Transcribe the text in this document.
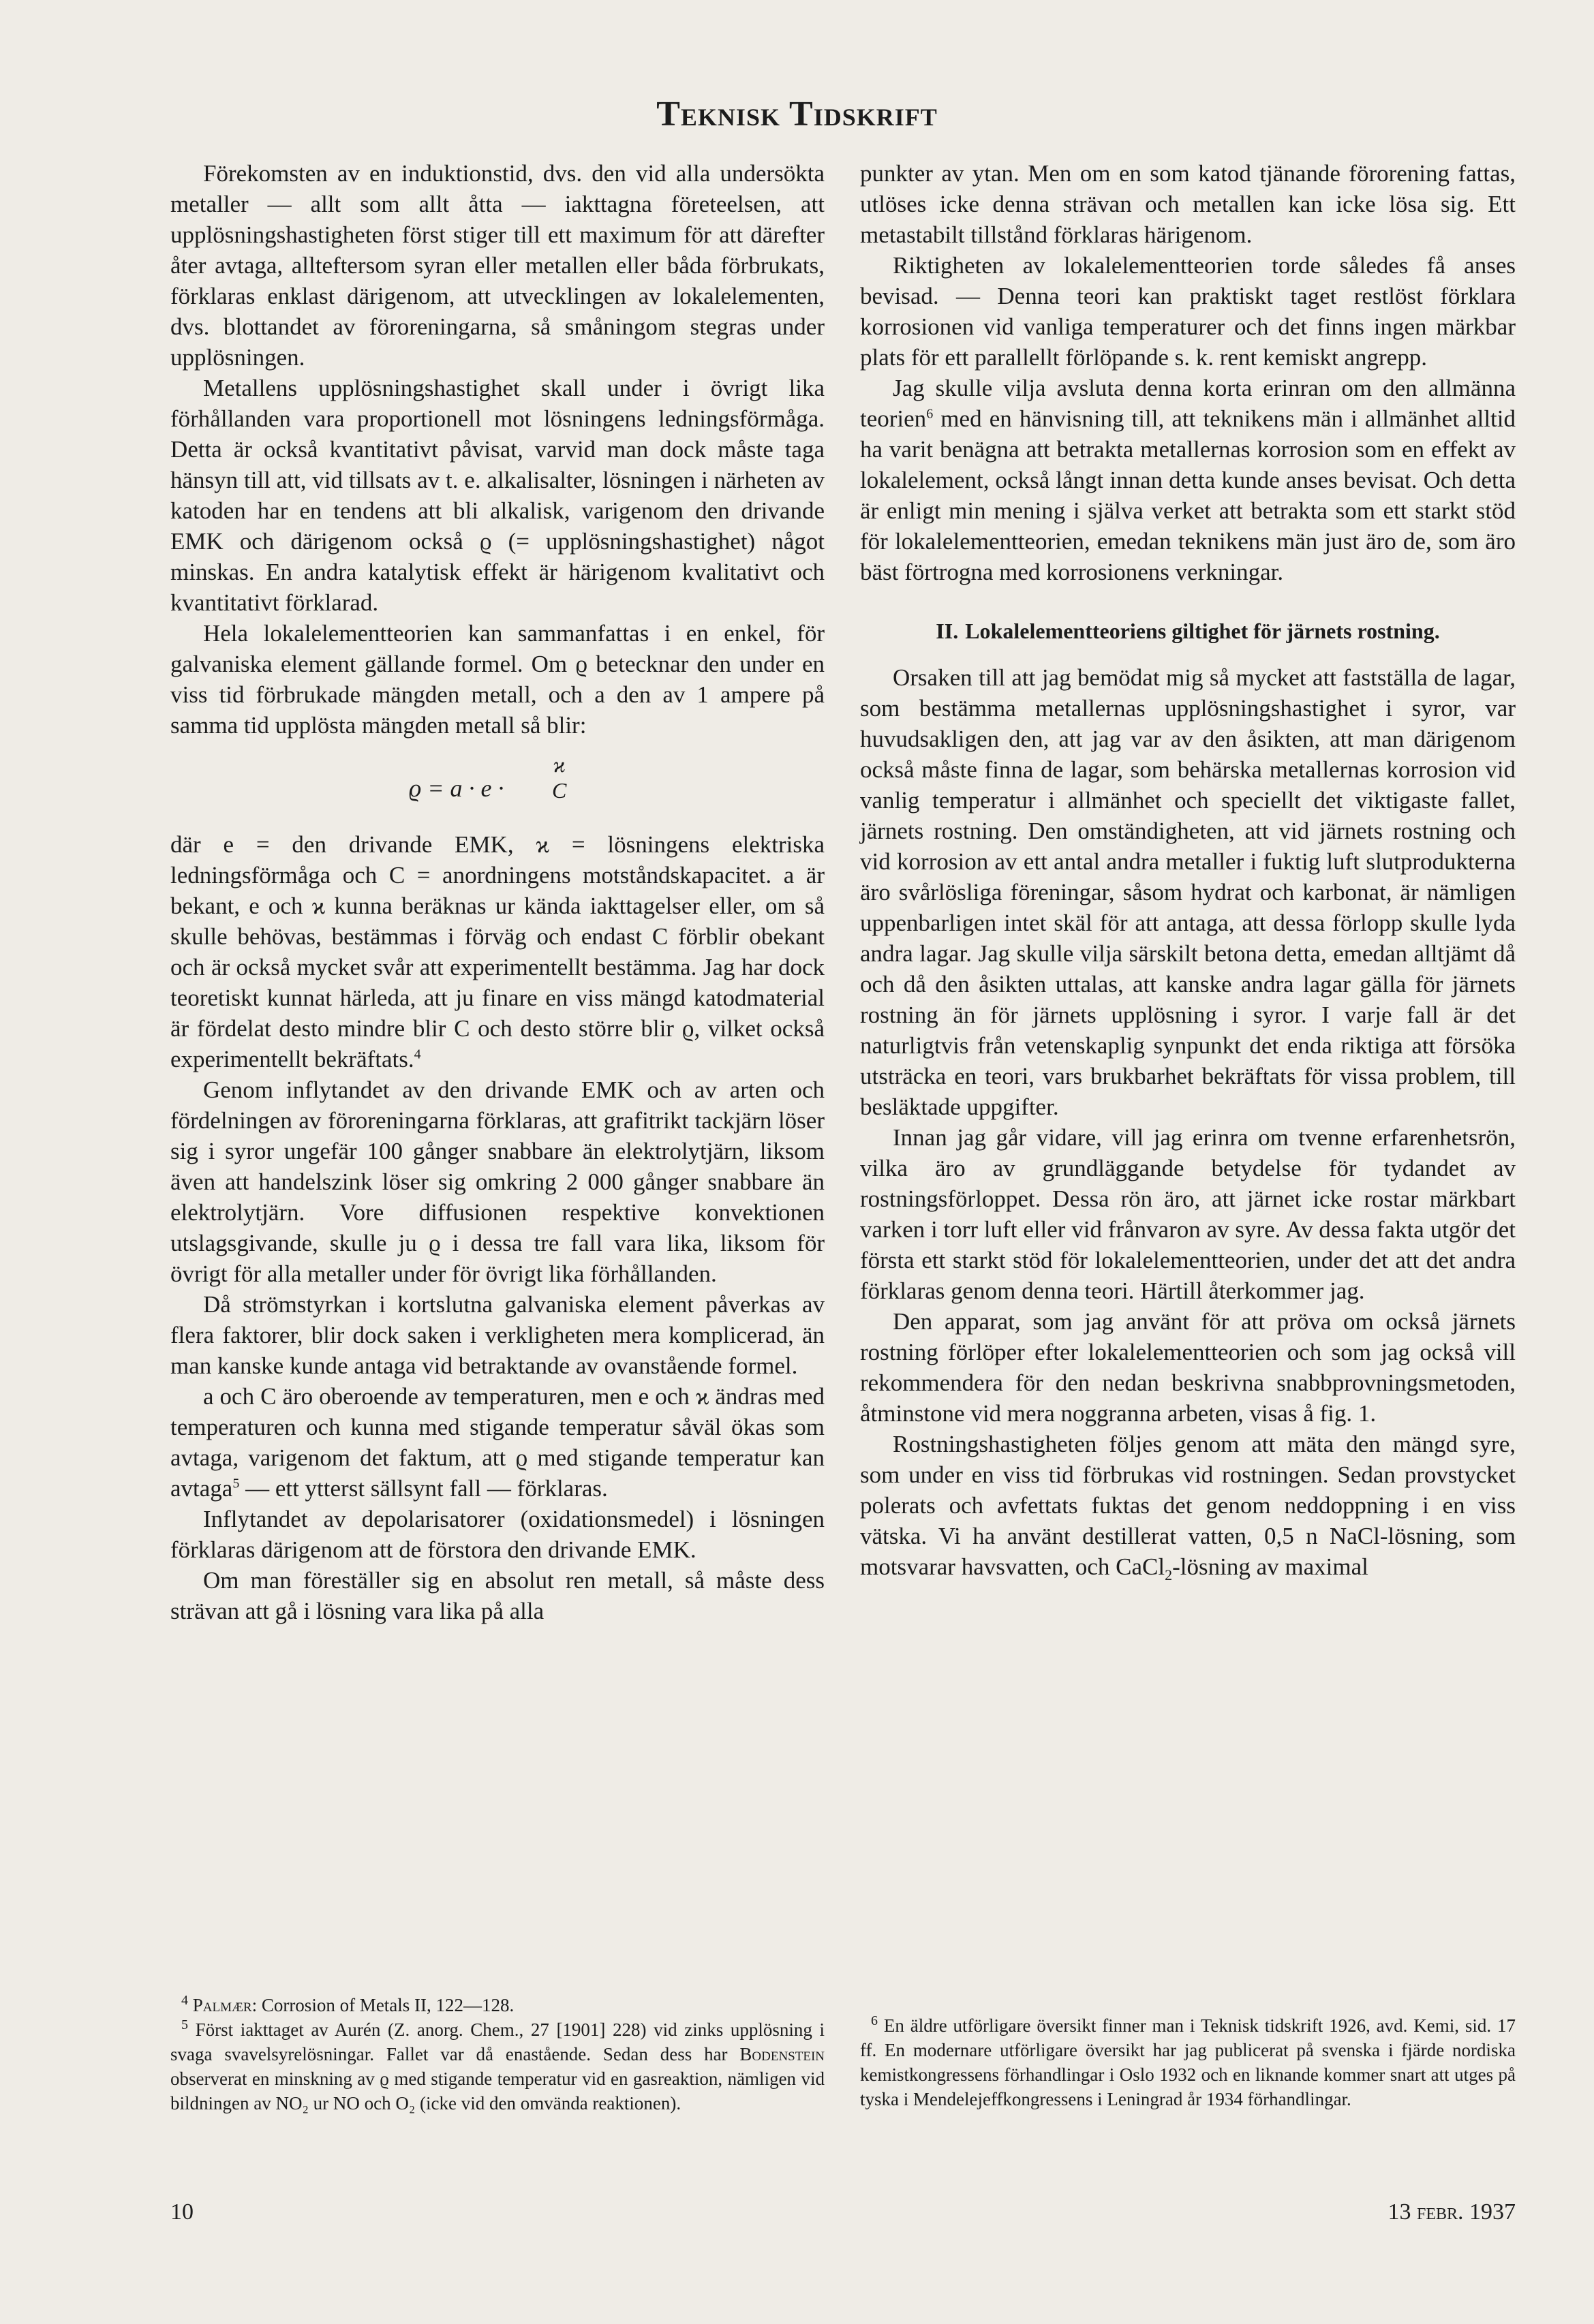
Teknisk Tidskrift

Förekomsten av en induktionstid, dvs. den vid alla undersökta metaller — allt som allt åtta — iakttagna företeelsen, att upplösningshastigheten först stiger till ett maximum för att därefter åter avtaga, allteftersom syran eller metallen eller båda förbrukats, förklaras enklast därigenom, att utvecklingen av lokalelementen, dvs. blottandet av föroreningarna, så småningom stegras under upplösningen.

Metallens upplösningshastighet skall under i övrigt lika förhållanden vara proportionell mot lösningens ledningsförmåga. Detta är också kvantitativt påvisat, varvid man dock måste taga hänsyn till att, vid tillsats av t. e. alkalisalter, lösningen i närheten av katoden har en tendens att bli alkalisk, varigenom den drivande EMK och därigenom också ϱ (= upplösningshastighet) något minskas. En andra katalytisk effekt är härigenom kvalitativt och kvantitativt förklarad.

Hela lokalelementteorien kan sammanfattas i en enkel, för galvaniska element gällande formel. Om ϱ betecknar den under en viss tid förbrukade mängden metall, och a den av 1 ampere på samma tid upplösta mängden metall så blir:

ϱ = a · e ·
ϰ
C

där e = den drivande EMK, ϰ = lösningens elektriska ledningsförmåga och C = anordningens motståndskapacitet. a är bekant, e och ϰ kunna beräknas ur kända iakttagelser eller, om så skulle behövas, bestämmas i förväg och endast C förblir obekant och är också mycket svår att experimentellt bestämma. Jag har dock teoretiskt kunnat härleda, att ju finare en viss mängd katodmaterial är fördelat desto mindre blir C och desto större blir ϱ, vilket också experimentellt bekräftats.$^4$

Genom inflytandet av den drivande EMK och av arten och fördelningen av föroreningarna förklaras, att grafitrikt tackjärn löser sig i syror ungefär 100 gånger snabbare än elektrolytjärn, liksom även att handelszink löser sig omkring 2 000 gånger snabbare än elektrolytjärn. Vore diffusionen respektive konvektionen utslagsgivande, skulle ju ϱ i dessa tre fall vara lika, liksom för övrigt för alla metaller under för övrigt lika förhållanden.

Då strömstyrkan i kortslutna galvaniska element påverkas av flera faktorer, blir dock saken i verkligheten mera komplicerad, än man kanske kunde antaga vid betraktande av ovanstående formel.

a och C äro oberoende av temperaturen, men e och ϰ ändras med temperaturen och kunna med stigande temperatur såväl ökas som avtaga, varigenom det faktum, att ϱ med stigande temperatur kan avtaga$^5$ — ett ytterst sällsynt fall — förklaras.

Inflytandet av depolarisatorer (oxidationsmedel) i lösningen förklaras därigenom att de förstora den drivande EMK.

Om man föreställer sig en absolut ren metall, så måste dess strävan att gå i lösning vara lika på alla

punkter av ytan. Men om en som katod tjänande förorening fattas, utlöses icke denna strävan och metallen kan icke lösa sig. Ett metastabilt tillstånd förklaras härigenom.

Riktigheten av lokalelementteorien torde således få anses bevisad. — Denna teori kan praktiskt taget restlöst förklara korrosionen vid vanliga temperaturer och det finns ingen märkbar plats för ett parallellt förlöpande s. k. rent kemiskt angrepp.

Jag skulle vilja avsluta denna korta erinran om den allmänna teorien$^6$ med en hänvisning till, att teknikens män i allmänhet alltid ha varit benägna att betrakta metallernas korrosion som en effekt av lokalelement, också långt innan detta kunde anses bevisat. Och detta är enligt min mening i själva verket att betrakta som ett starkt stöd för lokalelementteorien, emedan teknikens män just äro de, som äro bäst förtrogna med korrosionens verkningar.

II. Lokalelementteoriens giltighet för järnets rostning.

Orsaken till att jag bemödat mig så mycket att fastställa de lagar, som bestämma metallernas upplösningshastighet i syror, var huvudsakligen den, att jag var av den åsikten, att man därigenom också måste finna de lagar, som behärska metallernas korrosion vid vanlig temperatur i allmänhet och speciellt det viktigaste fallet, järnets rostning. Den omständigheten, att vid järnets rostning och vid korrosion av ett antal andra metaller i fuktig luft slutprodukterna äro svårlösliga föreningar, såsom hydrat och karbonat, är nämligen uppenbarligen intet skäl för att antaga, att dessa förlopp skulle lyda andra lagar. Jag skulle vilja särskilt betona detta, emedan alltjämt då och då den åsikten uttalas, att kanske andra lagar gälla för järnets rostning än för järnets upplösning i syror. I varje fall är det naturligtvis från vetenskaplig synpunkt det enda riktiga att försöka utsträcka en teori, vars brukbarhet bekräftats för vissa problem, till besläktade uppgifter.

Innan jag går vidare, vill jag erinra om tvenne erfarenhetsrön, vilka äro av grundläggande betydelse för tydandet av rostningsförloppet. Dessa rön äro, att järnet icke rostar märkbart varken i torr luft eller vid frånvaron av syre. Av dessa fakta utgör det första ett starkt stöd för lokalelementteorien, under det att det andra förklaras genom denna teori. Härtill återkommer jag.

Den apparat, som jag använt för att pröva om också järnets rostning förlöper efter lokalelementteorien och som jag också vill rekommendera för den nedan beskrivna snabbprovningsmetoden, åtminstone vid mera noggranna arbeten, visas å fig. 1.

Rostningshastigheten följes genom att mäta den mängd syre, som under en viss tid förbrukas vid rostningen. Sedan provstycket polerats och avfettats fuktas det genom neddoppning i en viss vätska. Vi ha använt destillerat vatten, 0,5 n NaCl-lösning, som motsvarar havsvatten, och CaCl$_2$-lösning av maximal

$^4$ Palmær: Corrosion of Metals II, 122—128.

$^5$ Först iakttaget av Aurén (Z. anorg. Chem., 27 [1901] 228) vid zinks upplösning i svaga svavelsyrelösningar. Fallet var då enastående. Sedan dess har Bodenstein observerat en minskning av ϱ med stigande temperatur vid en gasreaktion, nämligen vid bildningen av NO₂ ur NO och O₂ (icke vid den omvända reaktionen).

$^6$ En äldre utförligare översikt finner man i Teknisk tidskrift 1926, avd. Kemi, sid. 17 ff. En modernare utförligare översikt har jag publicerat på svenska i fjärde nordiska kemistkongressens förhandlingar i Oslo 1932 och en liknande kommer snart att utges på tyska i Mendelejeffkongressens i Leningrad år 1934 förhandlingar.

10	13 febr. 1937
